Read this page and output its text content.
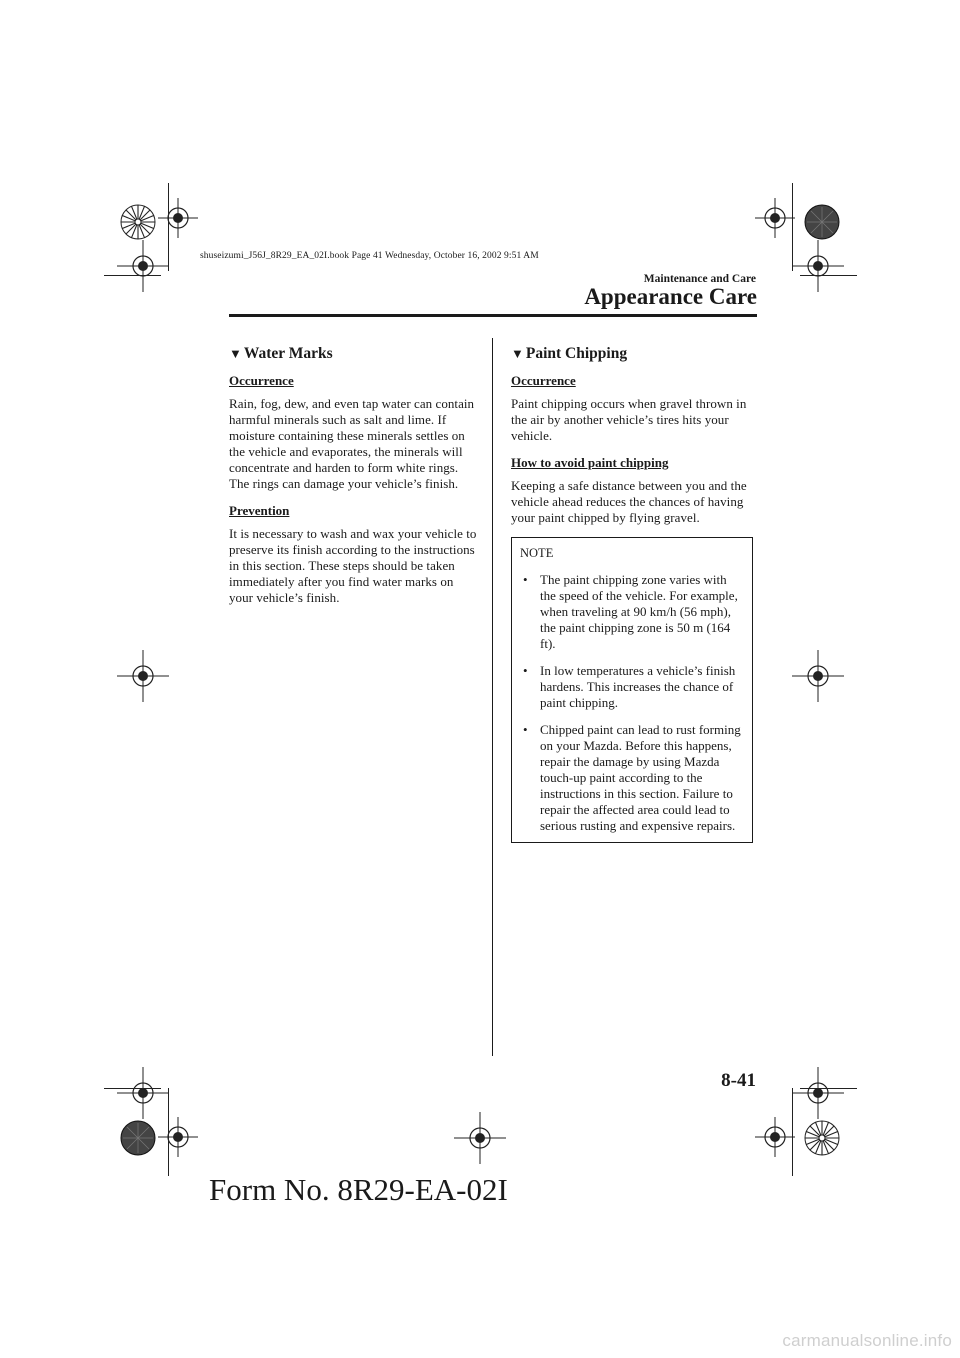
shuseizumi_J56J_8R29_EA_02I.book Page 41 Wednesday, October 16, 2002 9:51 AM
Maintenance and Care
Appearance Care
▼ Water Marks
Occurrence

Rain, fog, dew, and even tap water can contain harmful minerals such as salt and lime. If moisture containing these minerals settles on the vehicle and evaporates, the minerals will concentrate and harden to form white rings. The rings can damage your vehicle’s finish.

Prevention

It is necessary to wash and wax your vehicle to preserve its finish according to the instructions in this section. These steps should be taken immediately after you find water marks on your vehicle’s finish.

▼ Paint Chipping
Occurrence

Paint chipping occurs when gravel thrown in the air by another vehicle’s tires hits your vehicle.

How to avoid paint chipping

Keeping a safe distance between you and the vehicle ahead reduces the chances of having your paint chipped by flying gravel.

NOTE
• The paint chipping zone varies with the speed of the vehicle. For example, when traveling at 90 km/h (56 mph), the paint chipping zone is 50 m (164 ft).
• In low temperatures a vehicle’s finish hardens. This increases the chance of paint chipping.
• Chipped paint can lead to rust forming on your Mazda. Before this happens, repair the damage by using Mazda touch-up paint according to the instructions in this section. Failure to repair the affected area could lead to serious rusting and expensive repairs.
8-41
Form No. 8R29-EA-02I
carmanualsonline.info
